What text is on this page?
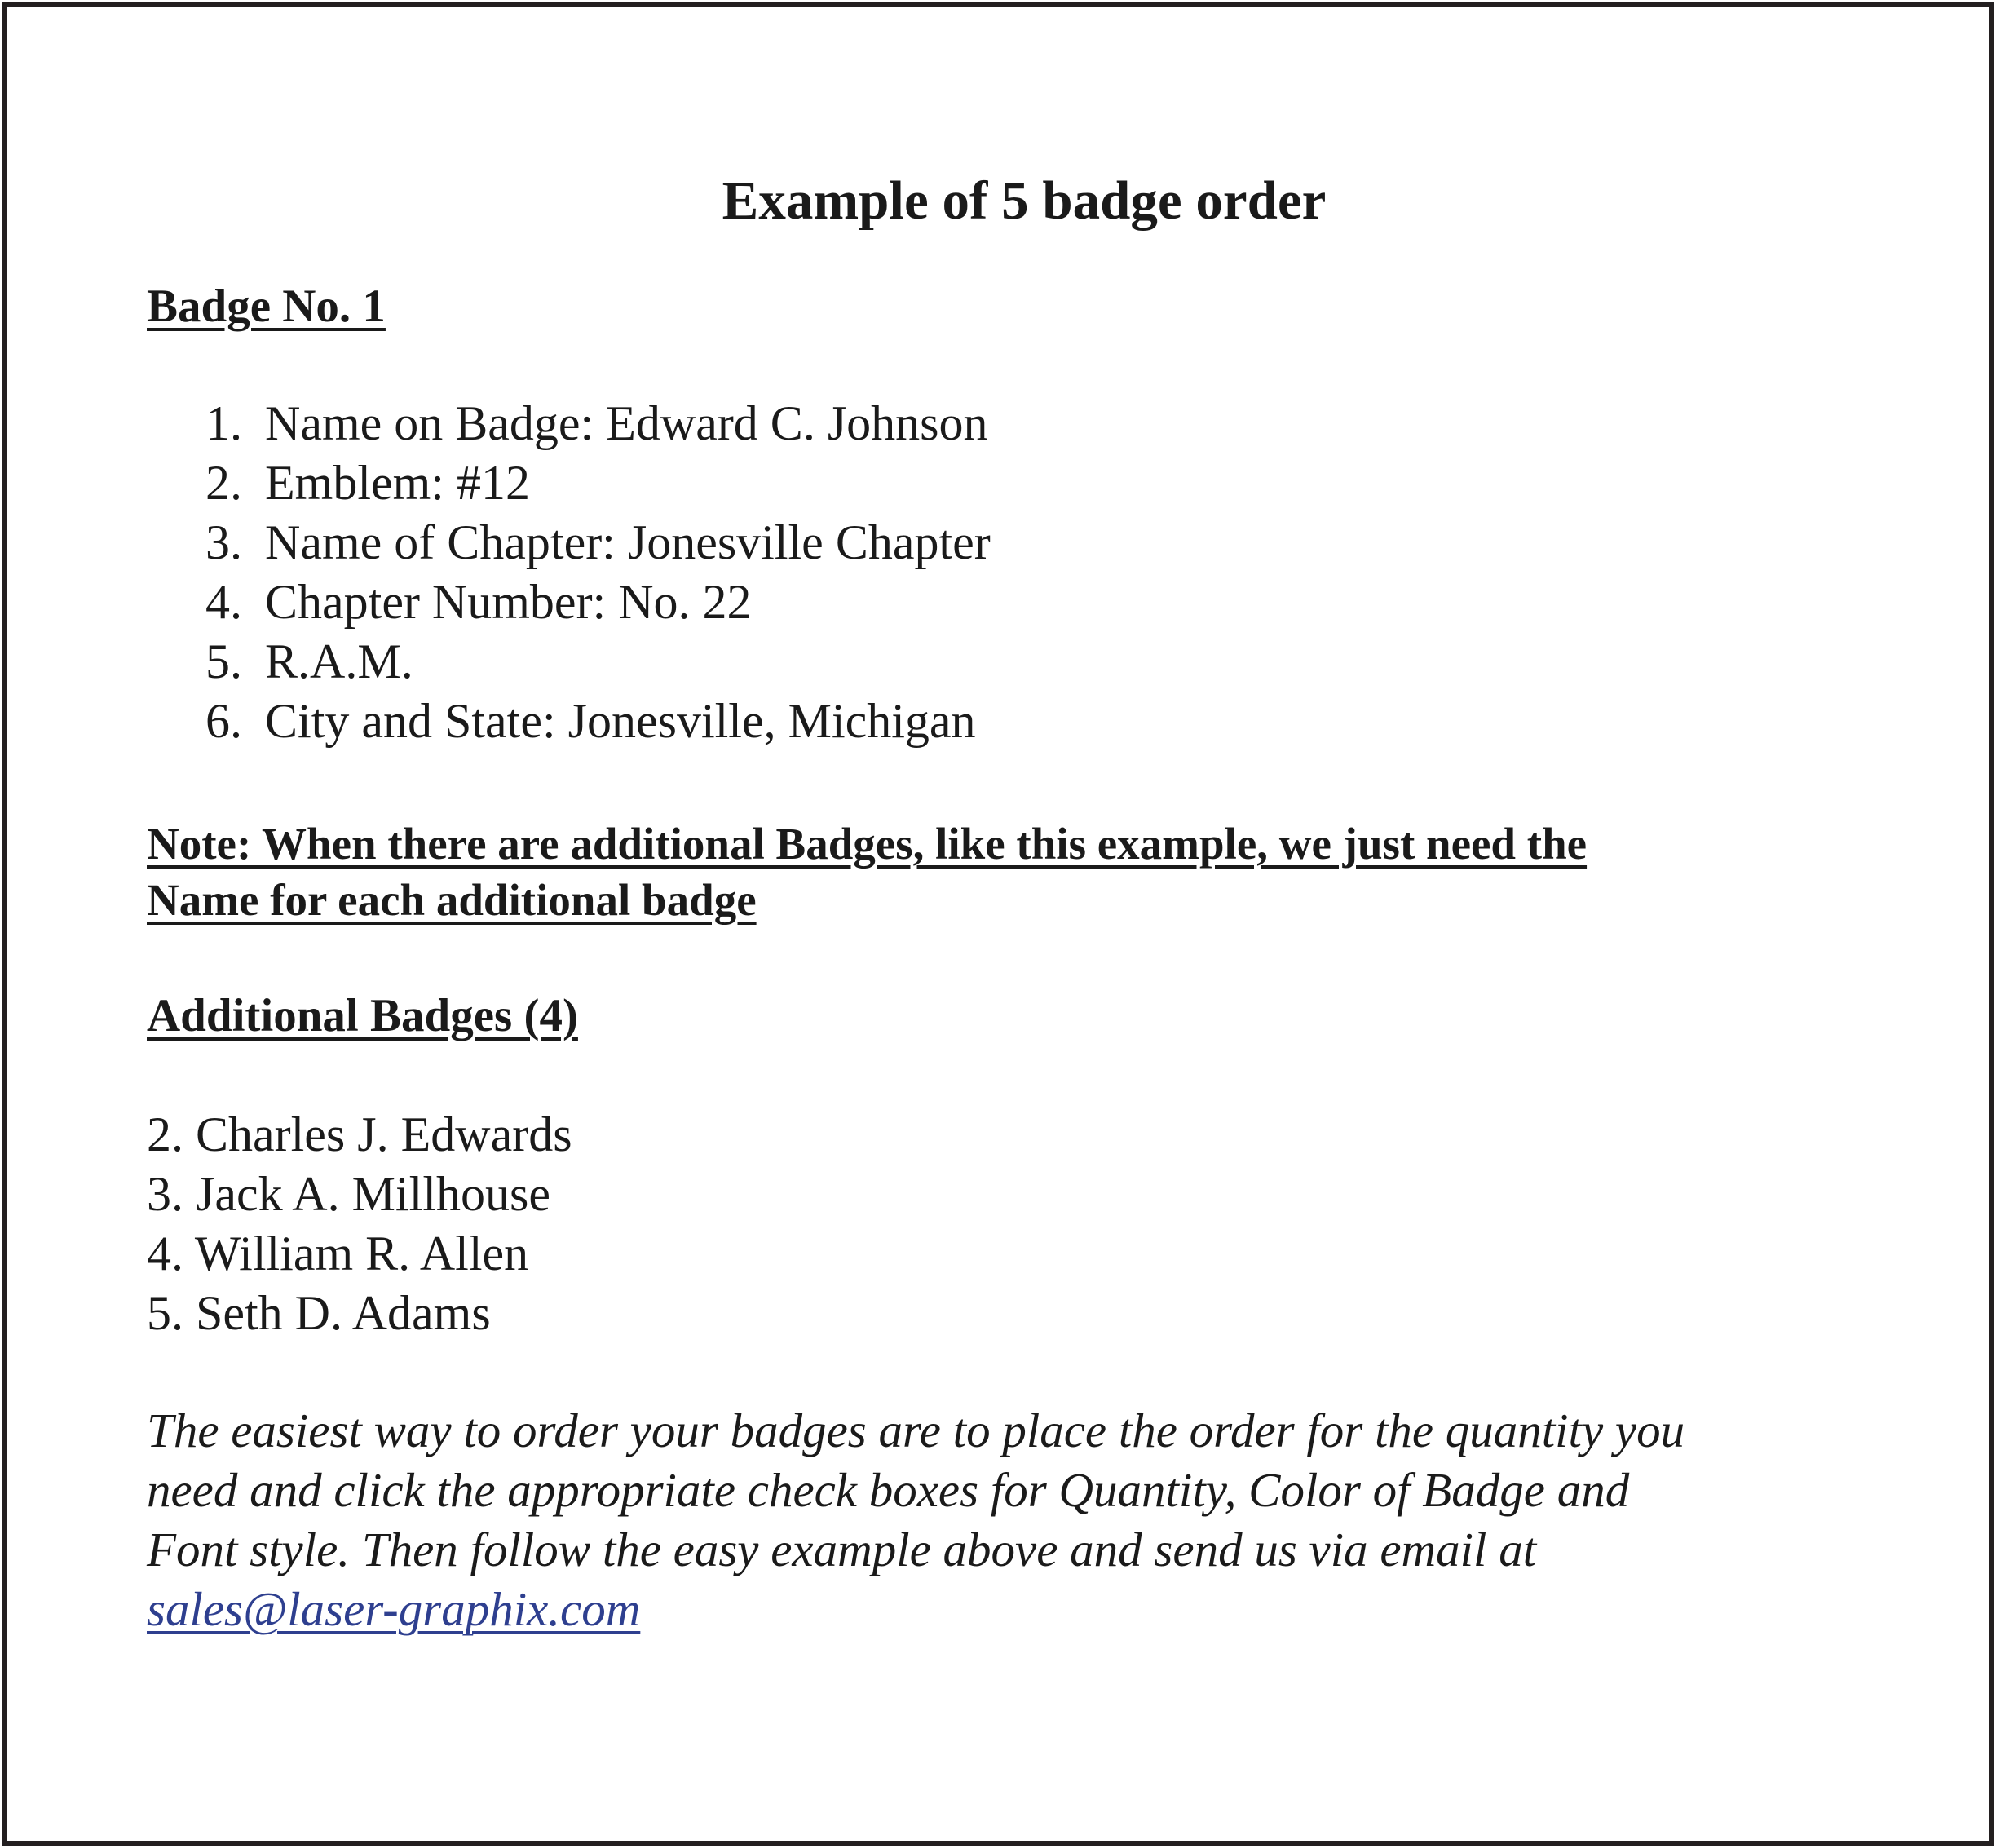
Example of 5 badge order
Badge No. 1
1. Name on Badge: Edward C. Johnson
2. Emblem: #12
3. Name of Chapter: Jonesville Chapter
4. Chapter Number: No. 22
5. R.A.M.
6. City and State: Jonesville, Michigan

Note: When there are additional Badges, like this example, we just need the
Name for each additional badge

Additional Badges (4)
2. Charles J. Edwards
3. Jack A. Millhouse
4. William R. Allen
5. Seth D. Adams

The easiest way to order your badges are to place the order for the quantity you
need and click the appropriate check boxes for Quantity, Color of Badge and
Font style. Then follow the easy example above and send us via email at
sales@laser-graphix.com
